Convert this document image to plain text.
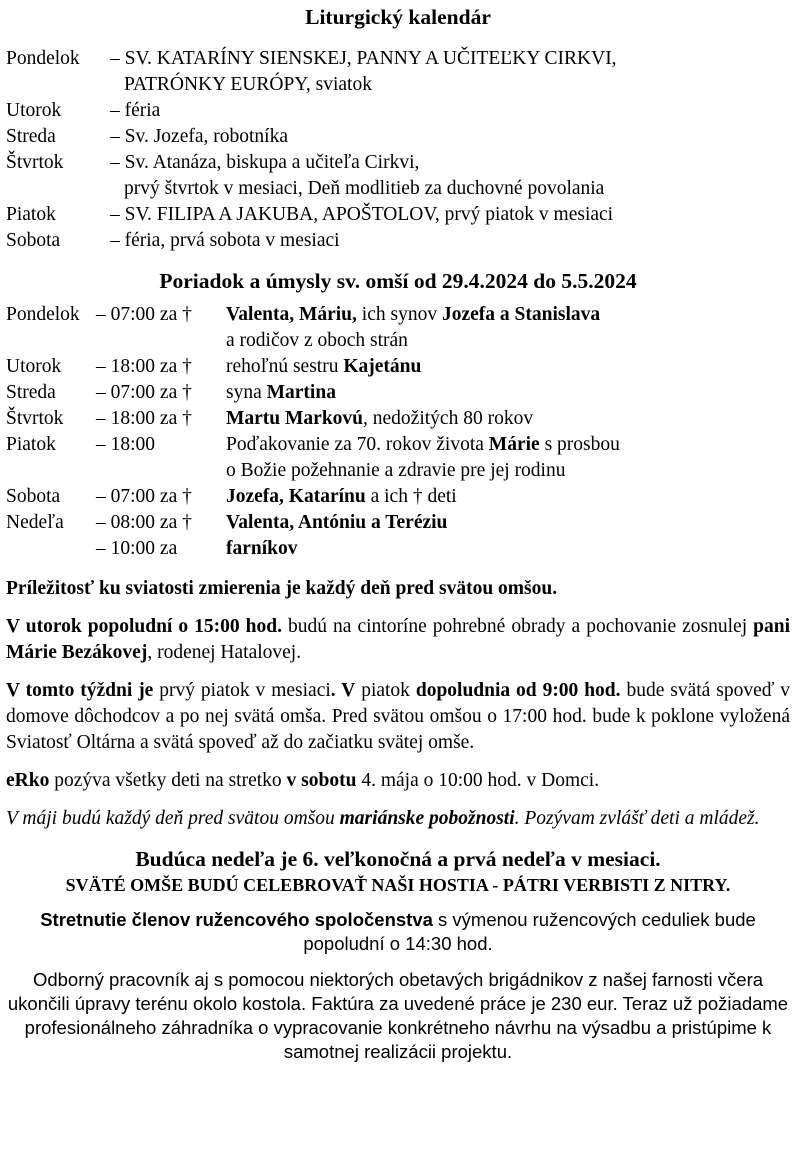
Liturgický kalendár
Pondelok	– SV. KATARÍNY SIENSKEJ, PANNY A UČITEĽKY CIRKVI,
PATRÓNKY EURÓPY, sviatok
Utorok	– féria
Streda	– Sv. Jozefa, robotníka
Štvrtok	– Sv. Atanáza, biskupa a učiteľa Cirkvi,
prvý štvrtok v mesiaci, Deň modlitieb za duchovné povolania
Piatok	– SV. FILIPA A JAKUBA, APOŠTOLOV, prvý piatok v mesiaci
Sobota	– féria, prvá sobota v mesiaci
Poriadok a úmysly sv. omší od 29.4.2024 do 5.5.2024
Pondelok – 07:00 za †	Valenta, Máriu, ich synov Jozefa a Stanislava
a rodičov z oboch strán
Utorok	– 18:00 za †	rehoľnú sestru Kajetánu
Streda	– 07:00 za †	syna Martina
Štvrtok	– 18:00 za †	Martu Markovú, nedožitých 80 rokov
Piatok	– 18:00	Poďakovanie za 70. rokov života Márie s prosbou
o Božie požehnanie a zdravie pre jej rodinu
Sobota	– 07:00 za †	Jozefa, Katarínu a ich † deti
Nedeľa	– 08:00 za †	Valenta, Antóniu a Teréziu
– 10:00 za	farníkov

Príležitosť ku sviatosti zmierenia je každý deň pred svätou omšou.

V utorok popoludní o 15:00 hod. budú na cintoríne pohrebné obrady a pochovanie zosnulej pani Márie Bezákovej, rodenej Hatalovej.

V tomto týždni je prvý piatok v mesiaci. V piatok dopoludnia od 9:00 hod. bude svätá spoveď v domove dôchodcov a po nej svätá omša. Pred svätou omšou o 17:00 hod. bude k poklone vyložená Sviatosť Oltárna a svätá spoveď až do začiatku svätej omše.

eRko pozýva všetky deti na stretko v sobotu 4. mája o 10:00 hod. v Domci.

V máji budú každý deň pred svätou omšou mariánske pobožnosti. Pozývam zvlášť deti a mládež.

Budúca nedeľa je 6. veľkonočná a prvá nedeľa v mesiaci.
SVÄTÉ OMŠE BUDÚ CELEBROVAŤ NAŠI HOSTIA - PÁTRI VERBISTI Z NITRY.

Stretnutie členov ružencového spoločenstva s výmenou ružencových ceduliek bude popoludní o 14:30 hod.

Odborný pracovník aj s pomocou niektorých obetavých brigádnikov z našej farnosti včera ukončili úpravy terénu okolo kostola. Faktúra za uvedené práce je 230 eur. Teraz už požiadame profesionálneho záhradníka o vypracovanie konkrétneho návrhu na výsadbu a pristúpime k samotnej realizácii projektu.
